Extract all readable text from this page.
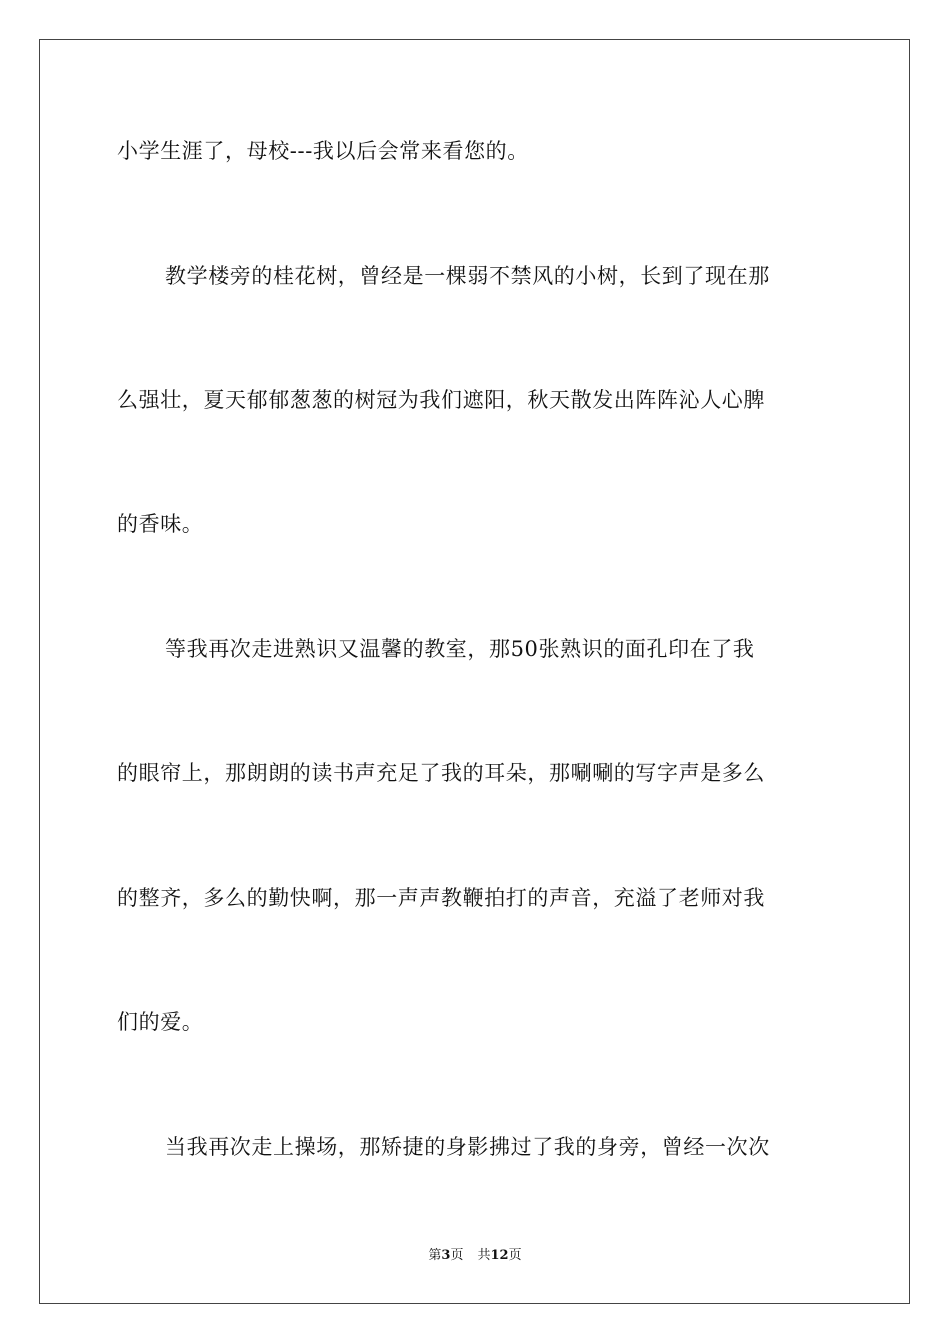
小学生涯了，母校---我以后会常来看您的。
教学楼旁的桂花树，曾经是一棵弱不禁风的小树，长到了现在那
么强壮，夏天郁郁葱葱的树冠为我们遮阳，秋天散发出阵阵沁人心脾
的香味。
等我再次走进熟识又温馨的教室，那50张熟识的面孔印在了我
的眼帘上，那朗朗的读书声充足了我的耳朵，那唰唰的写字声是多么
的整齐，多么的勤快啊，那一声声教鞭拍打的声音，充溢了老师对我
们的爱。
当我再次走上操场，那矫捷的身影拂过了我的身旁，曾经一次次
第3页 共12页
